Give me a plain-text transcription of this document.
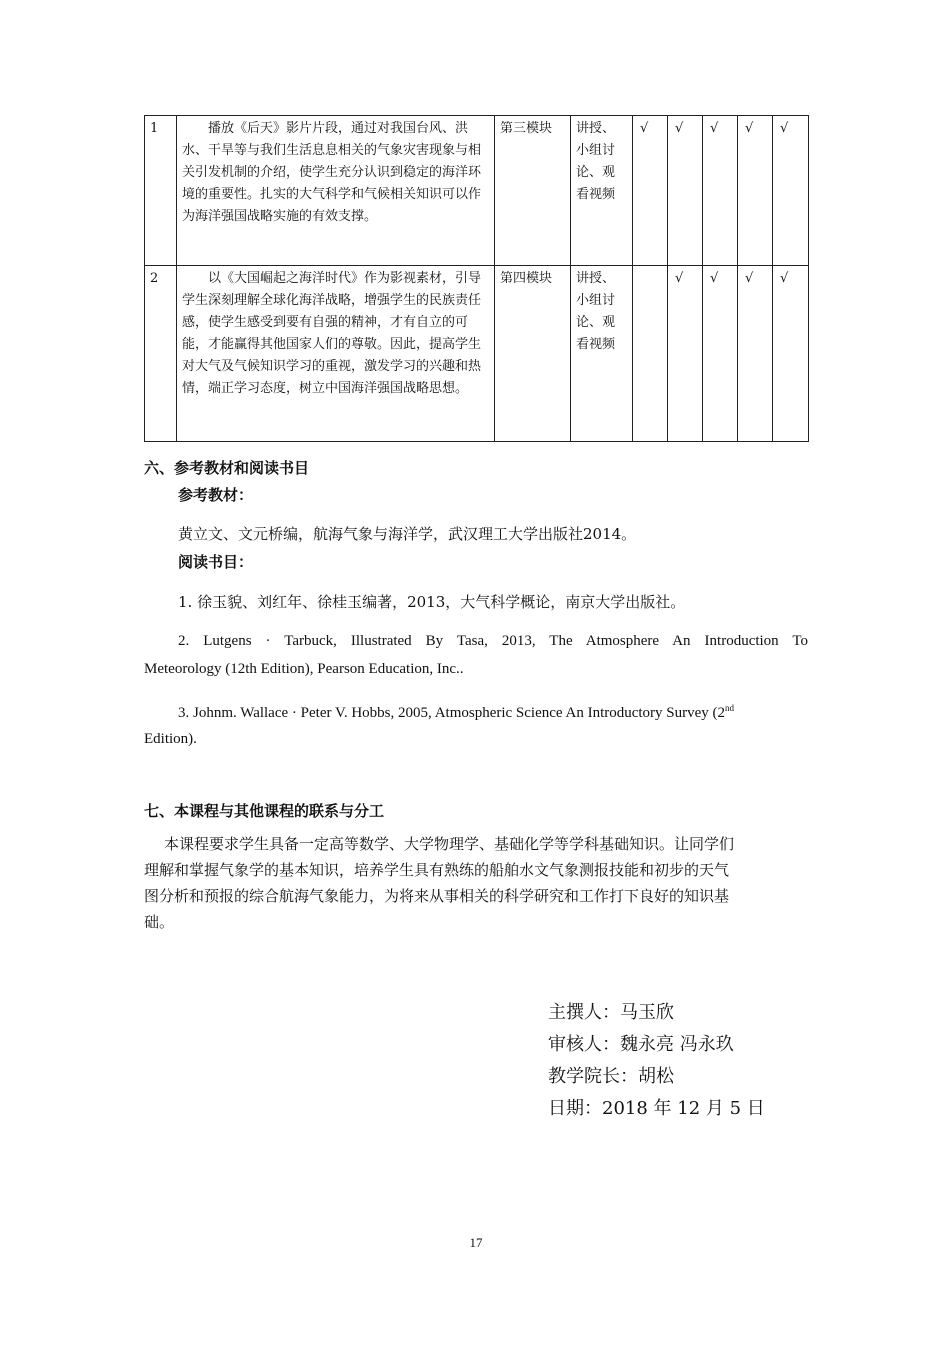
1	播放《后天》影片片段，通过对我国台风、洪水、干旱等与我们生活息息相关的气象灾害现象与相关引发机制的介绍，使学生充分认识到稳定的海洋环境的重要性。扎实的大气科学和气候相关知识可以作为海洋强国战略实施的有效支撑。	第三模块	讲授、小组讨论、观看视频	√	√	√	√	√
2	以《大国崛起之海洋时代》作为影视素材，引导学生深刻理解全球化海洋战略，增强学生的民族责任感，使学生感受到要有自强的精神，才有自立的可能，才能赢得其他国家人们的尊敬。因此，提高学生对大气及气候知识学习的重视，激发学习的兴趣和热情，端正学习态度，树立中国海洋强国战略思想。	第四模块	讲授、小组讨论、观看视频		√	√	√	√
六、参考教材和阅读书目
参考教材：
黄立文、文元桥编，航海气象与海洋学，武汉理工大学出版社2014。
阅读书目：
1. 徐玉貌、刘红年、徐桂玉编著，2013，大气科学概论，南京大学出版社。
2. Lutgens · Tarbuck, Illustrated By Tasa, 2013, The Atmosphere An Introduction To
Meteorology (12th Edition), Pearson Education, Inc..
3. Johnm. Wallace · Peter V. Hobbs, 2005, Atmospheric Science An Introductory Survey (2nd
Edition).
七、本课程与其他课程的联系与分工
本课程要求学生具备一定高等数学、大学物理学、基础化学等学科基础知识。让同学们
理解和掌握气象学的基本知识，培养学生具有熟练的船舶水文气象测报技能和初步的天气
图分析和预报的综合航海气象能力，为将来从事相关的科学研究和工作打下良好的知识基
础。
主撰人：马玉欣
审核人：魏永亮 冯永玖
教学院长：胡松
日期：2018 年 12 月 5 日
17
